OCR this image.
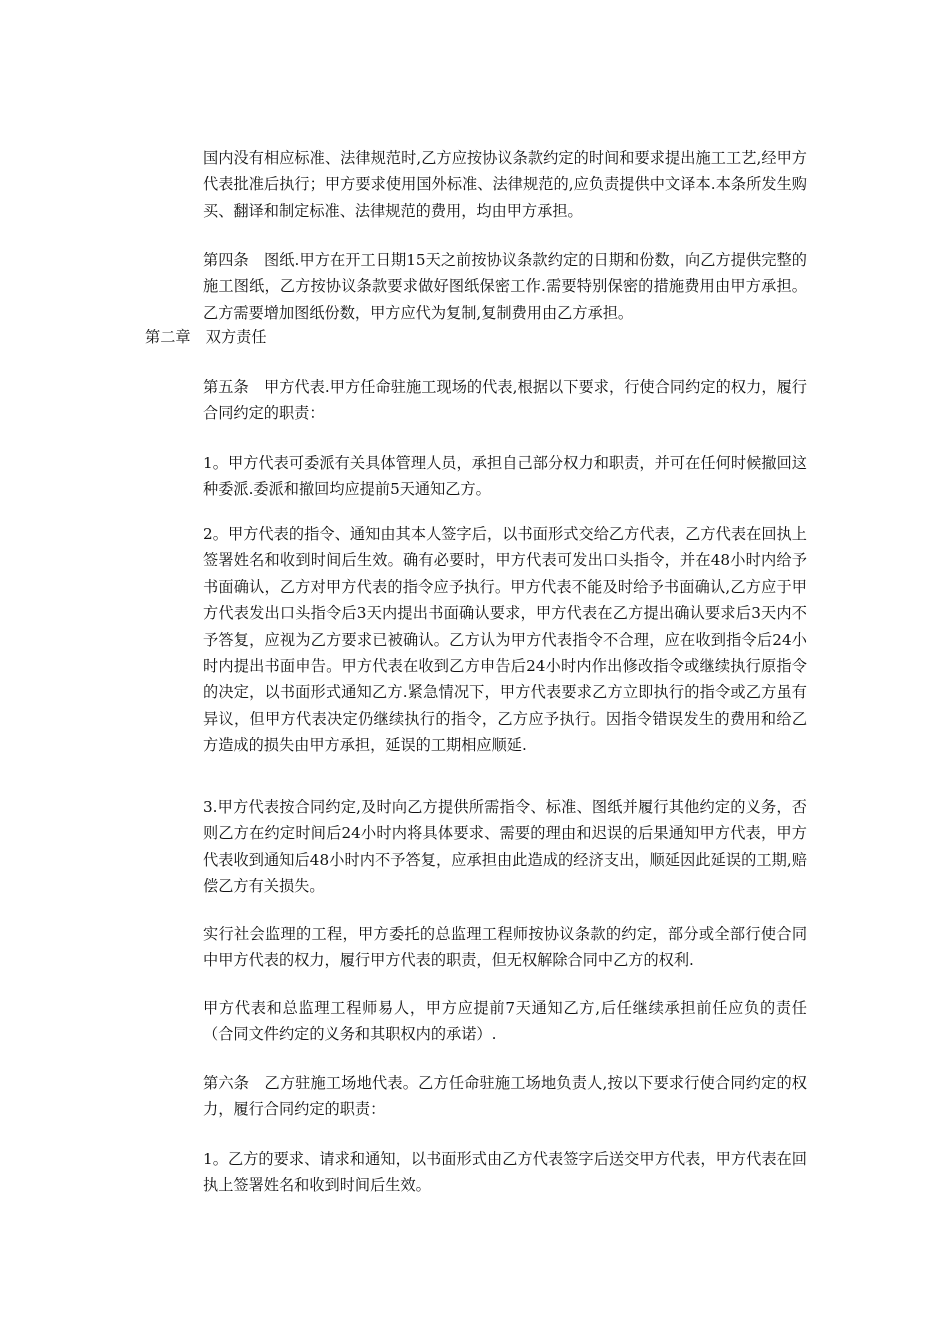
国内没有相应标准、法律规范时,乙方应按协议条款约定的时间和要求提出施工工艺,经甲方代表批准后执行；甲方要求使用国外标准、法律规范的,应负责提供中文译本.本条所发生购买、翻译和制定标准、法律规范的费用，均由甲方承担。

第四条　图纸.甲方在开工日期15天之前按协议条款约定的日期和份数，向乙方提供完整的施工图纸，乙方按协议条款要求做好图纸保密工作.需要特别保密的措施费用由甲方承担。乙方需要增加图纸份数，甲方应代为复制,复制费用由乙方承担。

第二章　双方责任

第五条　甲方代表.甲方任命驻施工现场的代表,根据以下要求，行使合同约定的权力，履行合同约定的职责：

1。甲方代表可委派有关具体管理人员，承担自己部分权力和职责，并可在任何时候撤回这种委派.委派和撤回均应提前5天通知乙方。

2。甲方代表的指令、通知由其本人签字后，以书面形式交给乙方代表，乙方代表在回执上签署姓名和收到时间后生效。确有必要时，甲方代表可发出口头指令，并在48小时内给予书面确认，乙方对甲方代表的指令应予执行。甲方代表不能及时给予书面确认,乙方应于甲方代表发出口头指令后3天内提出书面确认要求，甲方代表在乙方提出确认要求后3天内不予答复，应视为乙方要求已被确认。乙方认为甲方代表指令不合理，应在收到指令后24小时内提出书面申告。甲方代表在收到乙方申告后24小时内作出修改指令或继续执行原指令的决定，以书面形式通知乙方.紧急情况下，甲方代表要求乙方立即执行的指令或乙方虽有异议，但甲方代表决定仍继续执行的指令，乙方应予执行。因指令错误发生的费用和给乙方造成的损失由甲方承担，延误的工期相应顺延.

3.甲方代表按合同约定,及时向乙方提供所需指令、标准、图纸并履行其他约定的义务，否则乙方在约定时间后24小时内将具体要求、需要的理由和迟误的后果通知甲方代表，甲方代表收到通知后48小时内不予答复，应承担由此造成的经济支出，顺延因此延误的工期,赔偿乙方有关损失。

实行社会监理的工程，甲方委托的总监理工程师按协议条款的约定，部分或全部行使合同中甲方代表的权力，履行甲方代表的职责，但无权解除合同中乙方的权利.

甲方代表和总监理工程师易人，甲方应提前7天通知乙方,后任继续承担前任应负的责任（合同文件约定的义务和其职权内的承诺）.

第六条　乙方驻施工场地代表。乙方任命驻施工场地负责人,按以下要求行使合同约定的权力，履行合同约定的职责：

1。乙方的要求、请求和通知，以书面形式由乙方代表签字后送交甲方代表，甲方代表在回执上签署姓名和收到时间后生效。
